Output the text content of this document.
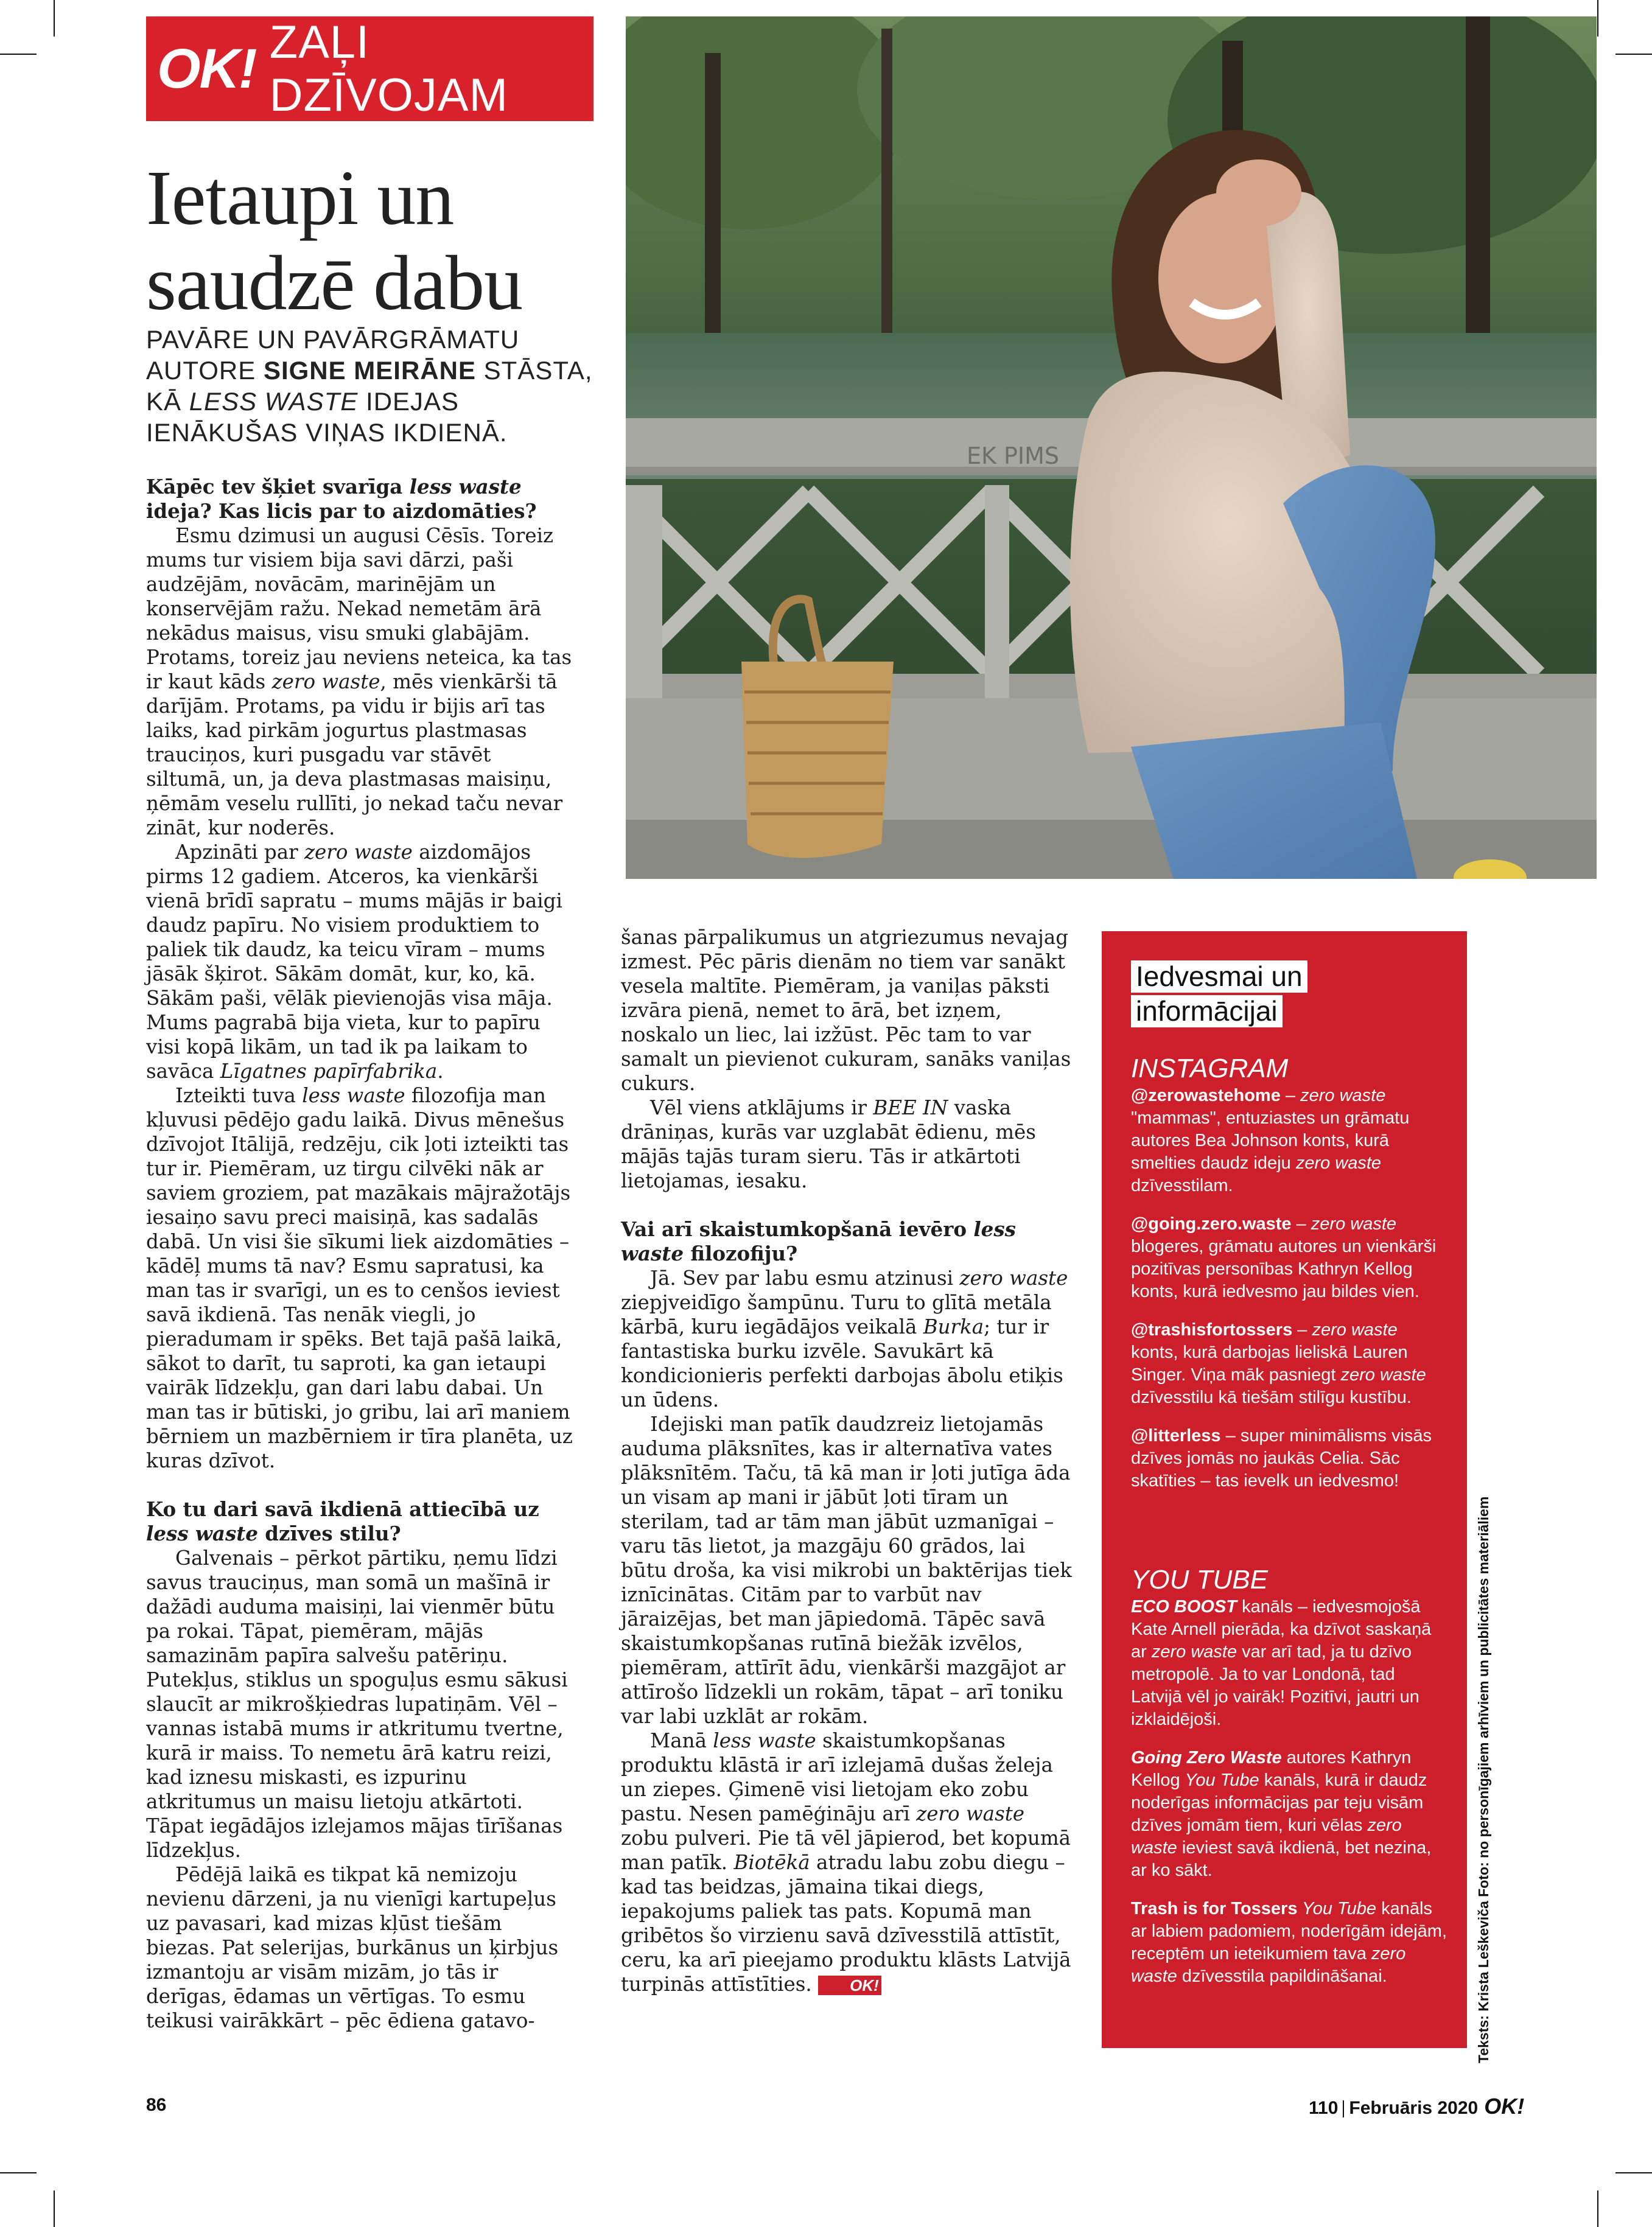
OK! ZAĻI DZĪVOJAM
Ietaupi un
saudzē dabu
PAVĀRE UN PAVĀRGRĀMATU AUTORE SIGNE MEIRĀNE STĀSTA, KĀ LESS WASTE IDEJAS IENĀKUŠAS VIŅAS IKDIENĀ.
EK PIMS

Kāpēc tev šķiet svarīga less waste ideja? Kas licis par to aizdomāties?

Esmu dzimusi un augusi Cēsīs. Toreiz mums tur visiem bija savi dārzi, paši audzējām, novācām, marinējām un konservējām ražu. Nekad nemetām ārā nekādus maisus, visu smuki glabājām. Protams, toreiz jau neviens neteica, ka tas ir kaut kāds zero waste, mēs vienkārši tā darījām. Protams, pa vidu ir bijis arī tas laiks, kad pirkām jogurtus plastmasas trauciņos, kuri pusgadu var stāvēt siltumā, un, ja deva plastmasas maisiņu, ņēmām veselu rullīti, jo nekad taču nevar zināt, kur noderēs.

Apzināti par zero waste aizdomājos pirms 12 gadiem. Atceros, ka vienkārši vienā brīdī sapratu – mums mājās ir baigi daudz papīru. No visiem produktiem to paliek tik daudz, ka teicu vīram – mums jāsāk šķirot. Sākām domāt, kur, ko, kā. Sākām paši, vēlāk pievienojās visa māja. Mums pagrabā bija vieta, kur to papīru visi kopā likām, un tad ik pa laikam to savāca Līgatnes papīrfabrika.

Izteikti tuva less waste filozofija man kļuvusi pēdējo gadu laikā. Divus mēnešus dzīvojot Itālijā, redzēju, cik ļoti izteikti tas tur ir. Piemēram, uz tirgu cilvēki nāk ar saviem groziem, pat mazākais mājražotājs iesaiņo savu preci maisiņā, kas sadalās dabā. Un visi šie sīkumi liek aizdomāties – kādēļ mums tā nav? Esmu sapratusi, ka man tas ir svarīgi, un es to cenšos ieviest savā ikdienā. Tas nenāk viegli, jo pieradumam ir spēks. Bet tajā pašā laikā, sākot to darīt, tu saproti, ka gan ietaupi vairāk līdzekļu, gan dari labu dabai. Un man tas ir būtiski, jo gribu, lai arī maniem bērniem un mazbērniem ir tīra planēta, uz kuras dzīvot.

Ko tu dari savā ikdienā attiecībā uz less waste dzīves stilu?

Galvenais – pērkot pārtiku, ņemu līdzi savus trauciņus, man somā un mašīnā ir dažādi auduma maisiņi, lai vienmēr būtu pa rokai. Tāpat, piemēram, mājās samazinām papīra salvešu patēriņu. Putekļus, stiklus un spoguļus esmu sākusi slaucīt ar mikrošķiedras lupatiņām. Vēl – vannas istabā mums ir atkritumu tvertne, kurā ir maiss. To nemetu ārā katru reizi, kad iznesu miskasti, es izpurinu atkritumus un maisu lietoju atkārtoti. Tāpat iegādājos izlejamos mājas tīrīšanas līdzekļus.

Pēdējā laikā es tikpat kā nemizoju nevienu dārzeni, ja nu vienīgi kartupeļus uz pavasari, kad mizas kļūst tiešām biezas. Pat selerijas, burkānus un ķirbjus izmantoju ar visām mizām, jo tās ir derīgas, ēdamas un vērtīgas. To esmu teikusi vairākkārt – pēc ēdiena gatavo-

šanas pārpalikumus un atgriezumus nevajag izmest. Pēc pāris dienām no tiem var sanākt vesela maltīte. Piemēram, ja vaniļas pāksti izvāra pienā, nemet to ārā, bet izņem, noskalo un liec, lai izžūst. Pēc tam to var samalt un pievienot cukuram, sanāks vaniļas cukurs.

Vēl viens atklājums ir BEE IN vaska drāniņas, kurās var uzglabāt ēdienu, mēs mājās tajās turam sieru. Tās ir atkārtoti lietojamas, iesaku.

Vai arī skaistumkopšanā ievēro less waste filozofiju?

Jā. Sev par labu esmu atzinusi zero waste ziepjveidīgo šampūnu. Turu to glītā metāla kārbā, kuru iegādājos veikalā Burka; tur ir fantastiska burku izvēle. Savukārt kā kondicionieris perfekti darbojas ābolu etiķis un ūdens.

Idejiski man patīk daudzreiz lietojamās auduma plāksnītes, kas ir alternatīva vates plāksnītēm. Taču, tā kā man ir ļoti jutīga āda un visam ap mani ir jābūt ļoti tīram un sterilam, tad ar tām man jābūt uzmanīgai – varu tās lietot, ja mazgāju 60 grādos, lai būtu droša, ka visi mikrobi un baktērijas tiek iznīcinātas. Citām par to varbūt nav jāraizējas, bet man jāpiedomā. Tāpēc savā skaistumkopšanas rutīnā biežāk izvēlos, piemēram, attīrīt ādu, vienkārši mazgājot ar attīrošo līdzekli un rokām, tāpat – arī toniku var labi uzklāt ar rokām.

Manā less waste skaistumkopšanas produktu klāstā ir arī izlejamā dušas želeja un ziepes. Ģimenē visi lietojam eko zobu pastu. Nesen pamēģināju arī zero waste zobu pulveri. Pie tā vēl jāpierod, bet kopumā man patīk. Biotēkā atradu labu zobu diegu – kad tas beidzas, jāmaina tikai diegs, iepakojums paliek tas pats. Kopumā man gribētos šo virzienu savā dzīvesstilā attīstīt, ceru, ka arī pieejamo produktu klāsts Latvijā turpinās attīstīties. OK!

Iedvesmai un
informācijai
INSTAGRAM
@zerowastehome – zero waste "mammas", entuziastes un grāmatu autores Bea Johnson konts, kurā smelties daudz ideju zero waste dzīvesstilam.
@going.zero.waste – zero waste blogeres, grāmatu autores un vienkārši pozitīvas personības Kathryn Kellog konts, kurā iedvesmo jau bildes vien.
@trashisfortossers – zero waste konts, kurā darbojas lieliskā Lauren Singer. Viņa māk pasniegt zero waste dzīvesstilu kā tiešām stilīgu kustību.
@litterless – super minimālisms visās dzīves jomās no jaukās Celia. Sāc skatīties – tas ievelk un iedvesmo!
YOU TUBE
ECO BOOST kanāls – iedvesmojošā Kate Arnell pierāda, ka dzīvot saskaņā ar zero waste var arī tad, ja tu dzīvo metropolē. Ja to var Londonā, tad Latvijā vēl jo vairāk! Pozitīvi, jautri un izklaidējoši.
Going Zero Waste autores Kathryn Kellog You Tube kanāls, kurā ir daudz noderīgas informācijas par teju visām dzīves jomām tiem, kuri vēlas zero waste ieviest savā ikdienā, bet nezina, ar ko sākt.
Trash is for Tossers You Tube kanāls ar labiem padomiem, noderīgām idejām, receptēm un ieteikumiem tava zero waste dzīvesstila papildināšanai.	Teksts: Krista Leškeviča Foto: no personīgajiem arhīviem un publicitātes materiāliem
86	110 Februāris 2020 OK!
